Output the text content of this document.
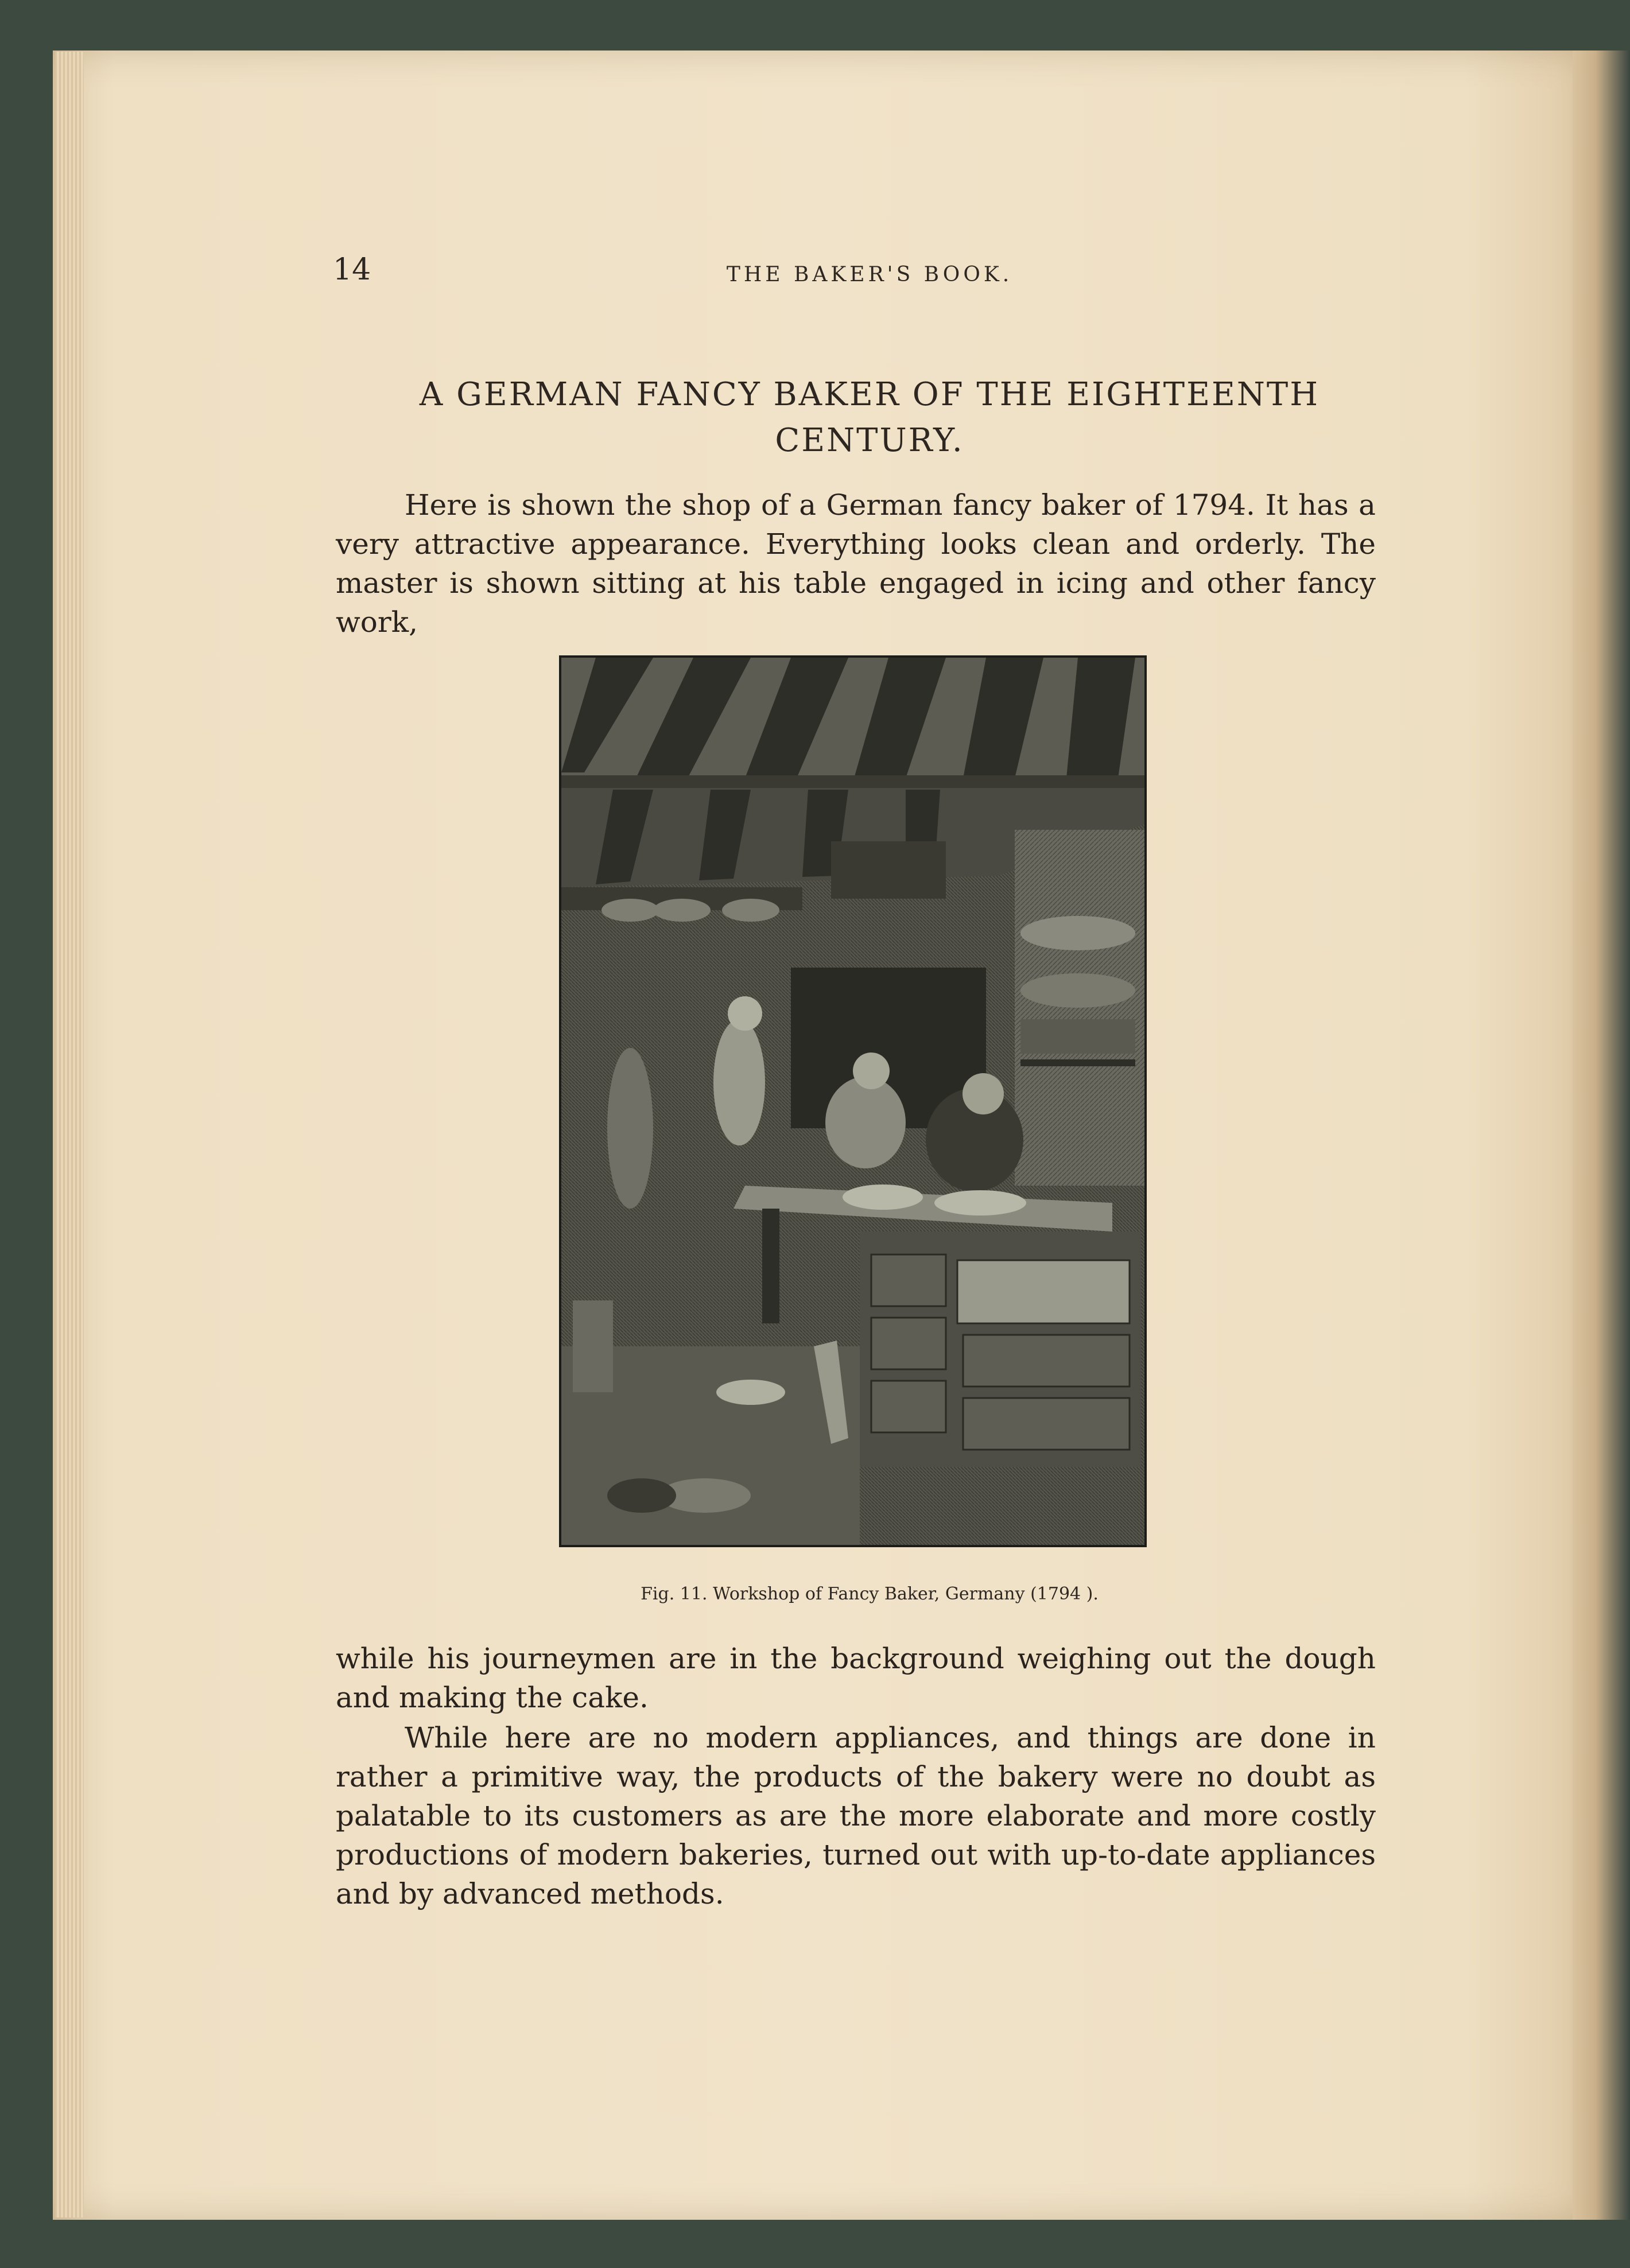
14	THE BAKER'S BOOK.
A GERMAN FANCY BAKER OF THE EIGHTEENTH CENTURY.

Here is shown the shop of a German fancy baker of 1794. It has a very attractive appearance. Everything looks clean and orderly. The master is shown sitting at his table engaged in icing and other fancy work,

Fig. 11. Workshop of Fancy Baker, Germany (1794 ).

while his journeymen are in the background weighing out the dough and making the cake.

While here are no modern appliances, and things are done in rather a primitive way, the products of the bakery were no doubt as palatable to its customers as are the more elaborate and more costly productions of modern bakeries, turned out with up-to-date appliances and by advanced methods.
